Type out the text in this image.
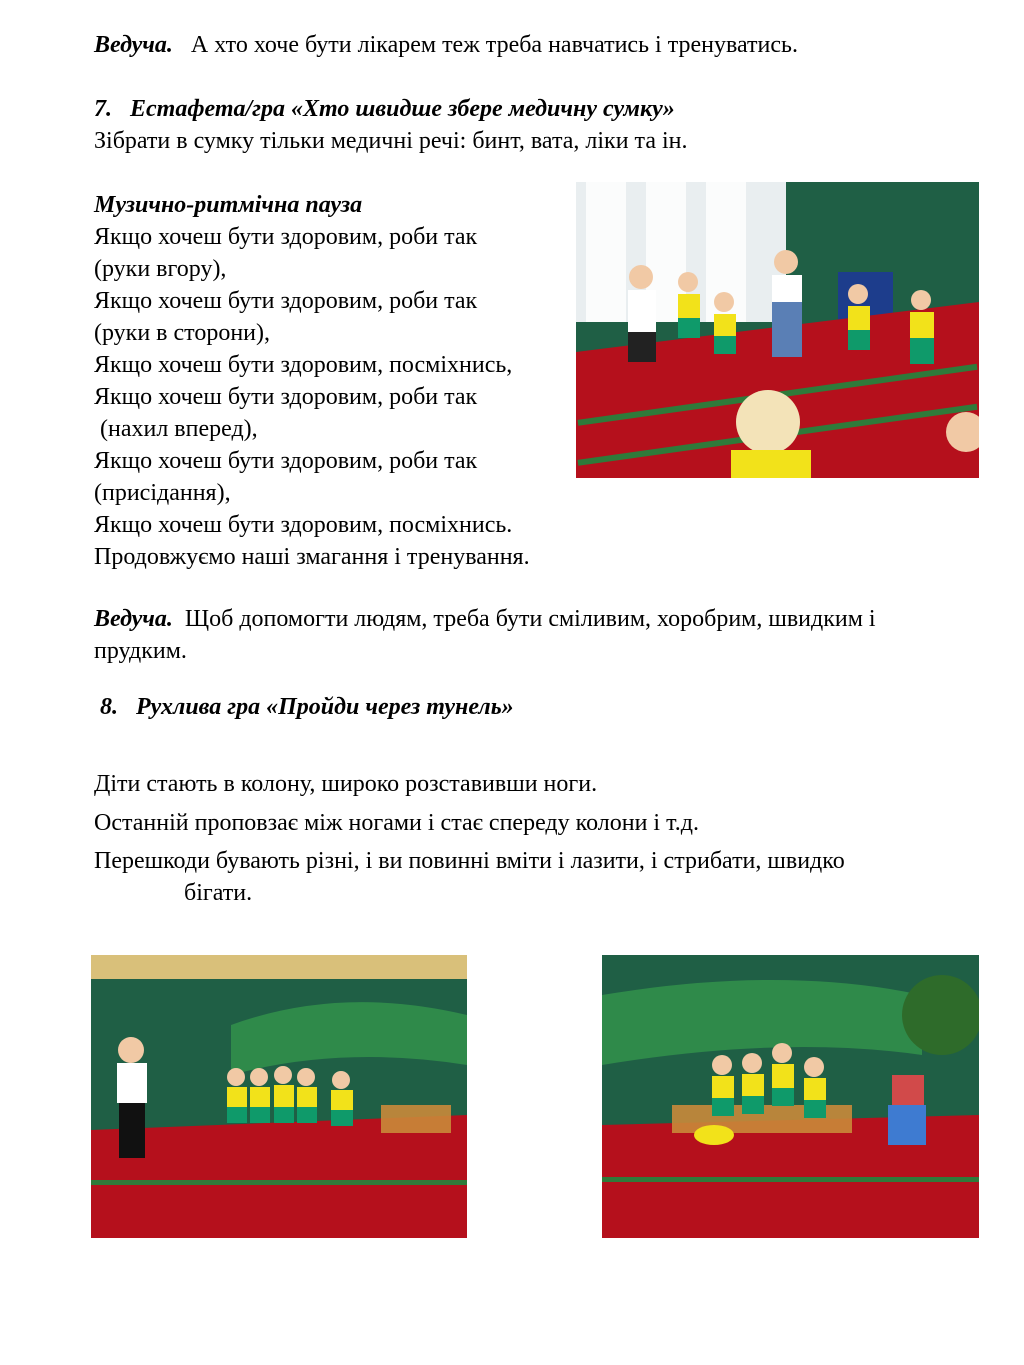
Ведуча. А хто хоче бути лікарем теж треба навчатись і тренуватись.
7. Естафета/гра «Хто швидше збере медичну сумку»
Зібрати в сумку тільки медичні речі: бинт, вата, ліки та ін.
Музично-ритмічна пауза
Якщо хочеш бути здоровим, роби так
(руки вгору),
Якщо хочеш бути здоровим, роби так
(руки в сторони),
Якщо хочеш бути здоровим, посміхнись,
Якщо хочеш бути здоровим, роби так
(нахил вперед),
Якщо хочеш бути здоровим, роби так
(присідання),
Якщо хочеш бути здоровим, посміхнись.
Продовжуємо наші змагання і тренування.
Ведуча. Щоб допомогти людям, треба бути сміливим, хоробрим, швидким і
прудким.
8. Рухлива гра «Пройди через тунель»
Діти стають в колону, широко розставивши ноги.
Останній проповзає між ногами і стає спереду колони і т.д.
Перешкоди бувають різні, і ви повинні вміти і лазити, і стрибати, швидко
бігати.
